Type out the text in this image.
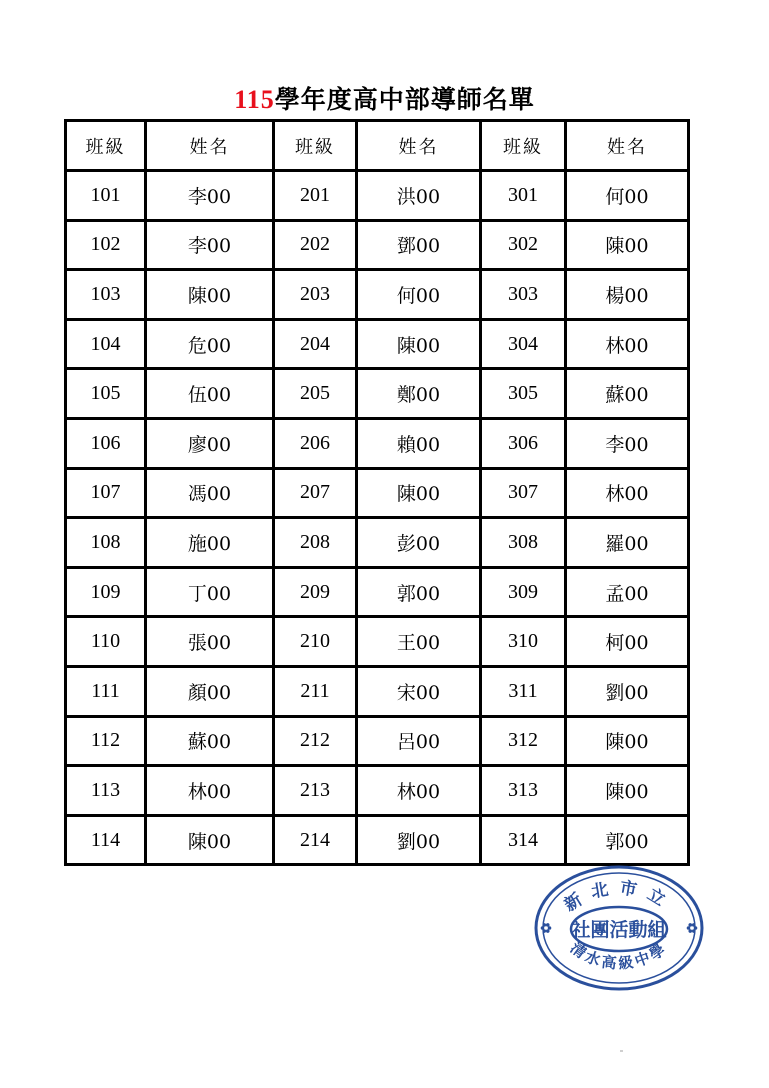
115學年度高中部導師名單
班級	姓名	班級	姓名	班級	姓名
101	李00	201	洪00	301	何00
102	李00	202	鄧00	302	陳00
103	陳00	203	何00	303	楊00
104	危00	204	陳00	304	林00
105	伍00	205	鄭00	305	蘇00
106	廖00	206	賴00	306	李00
107	馮00	207	陳00	307	林00
108	施00	208	彭00	308	羅00
109	丁00	209	郭00	309	孟00
110	張00	210	王00	310	柯00
111	顏00	211	宋00	311	劉00
112	蘇00	212	呂00	312	陳00
113	林00	213	林00	313	陳00
114	陳00	214	劉00	314	郭00
新北市立
社團活動組
清水高級中學
